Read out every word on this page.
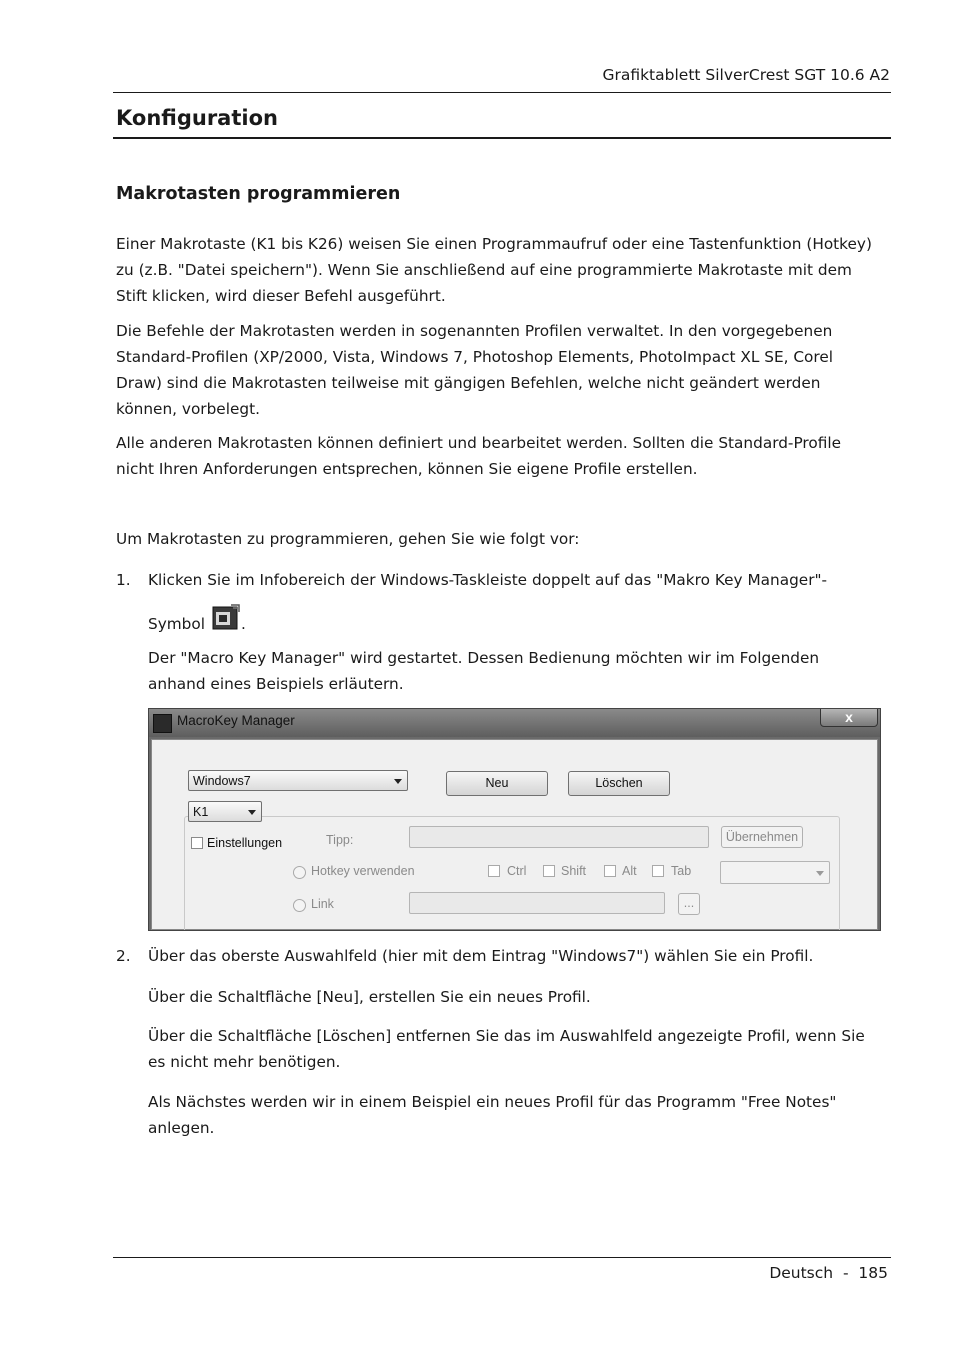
Grafiktablett SilverCrest SGT 10.6 A2
Konfiguration
Makrotasten programmieren
Einer Makrotaste (K1 bis K26) weisen Sie einen Programmaufruf oder eine Tastenfunktion (Hotkey)
zu (z.B. "Datei speichern"). Wenn Sie anschließend auf eine programmierte Makrotaste mit dem
Stift klicken, wird dieser Befehl ausgeführt.
Die Befehle der Makrotasten werden in sogenannten Profilen verwaltet. In den vorgegebenen
Standard-Profilen (XP/2000, Vista, Windows 7, Photoshop Elements, PhotoImpact XL SE, Corel
Draw) sind die Makrotasten teilweise mit gängigen Befehlen, welche nicht geändert werden
können, vorbelegt.
Alle anderen Makrotasten können definiert und bearbeitet werden. Sollten die Standard-Profile
nicht Ihren Anforderungen entsprechen, können Sie eigene Profile erstellen.
Um Makrotasten zu programmieren, gehen Sie wie folgt vor:
1. Klicken Sie im Infobereich der Windows-Taskleiste doppelt auf das "Makro Key Manager"-
Symbol .
Der "Macro Key Manager" wird gestartet. Dessen Bedienung möchten wir im Folgenden
anhand eines Beispiels erläutern.
MacroKey Manager	x
Windows7	Neu	Löschen
K1
Einstellungen	Tipp:	Übernehmen
Hotkey verwenden	Ctrl	Shift	Alt	Tab
Link	...
2. Über das oberste Auswahlfeld (hier mit dem Eintrag "Windows7") wählen Sie ein Profil.
Über die Schaltfläche [Neu], erstellen Sie ein neues Profil.
Über die Schaltfläche [Löschen] entfernen Sie das im Auswahlfeld angezeigte Profil, wenn Sie
es nicht mehr benötigen.
Als Nächstes werden wir in einem Beispiel ein neues Profil für das Programm "Free Notes"
anlegen.
Deutsch  -  185
